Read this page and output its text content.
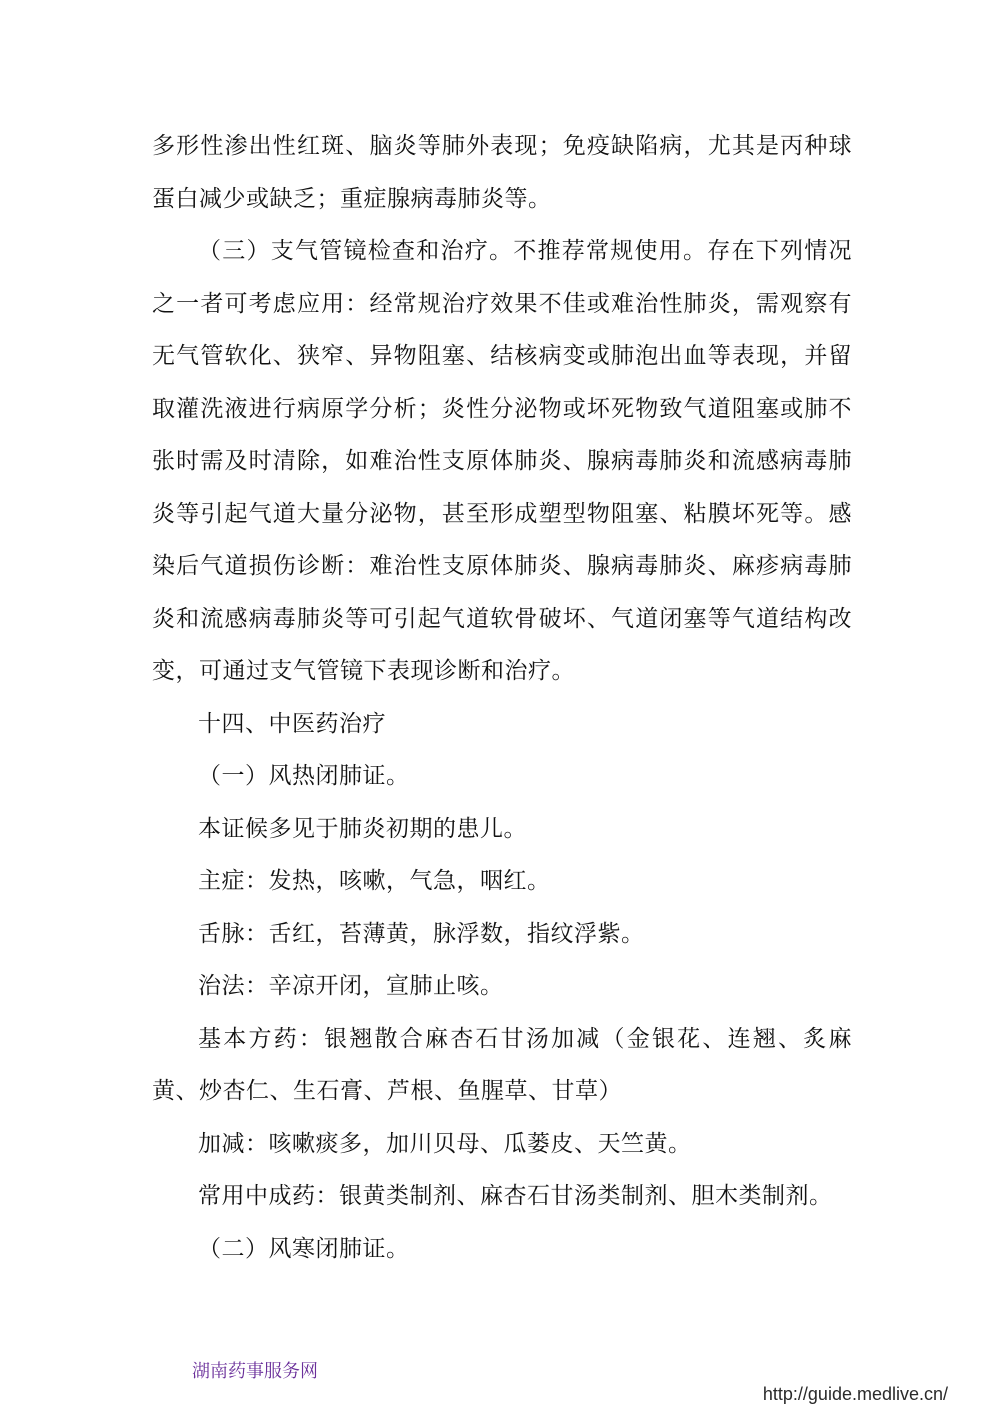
多形性渗出性红斑、脑炎等肺外表现；免疫缺陷病，尤其是丙种球蛋白减少或缺乏；重症腺病毒肺炎等。

（三）支气管镜检查和治疗。不推荐常规使用。存在下列情况之一者可考虑应用：经常规治疗效果不佳或难治性肺炎，需观察有无气管软化、狭窄、异物阻塞、结核病变或肺泡出血等表现，并留取灌洗液进行病原学分析；炎性分泌物或坏死物致气道阻塞或肺不张时需及时清除，如难治性支原体肺炎、腺病毒肺炎和流感病毒肺炎等引起气道大量分泌物，甚至形成塑型物阻塞、粘膜坏死等。感染后气道损伤诊断：难治性支原体肺炎、腺病毒肺炎、麻疹病毒肺炎和流感病毒肺炎等可引起气道软骨破坏、气道闭塞等气道结构改变，可通过支气管镜下表现诊断和治疗。

十四、中医药治疗

（一）风热闭肺证。

本证候多见于肺炎初期的患儿。

主症：发热，咳嗽，气急，咽红。

舌脉：舌红，苔薄黄，脉浮数，指纹浮紫。

治法：辛凉开闭，宣肺止咳。

基本方药：银翘散合麻杏石甘汤加减（金银花、连翘、炙麻黄、炒杏仁、生石膏、芦根、鱼腥草、甘草）

加减：咳嗽痰多，加川贝母、瓜蒌皮、天竺黄。

常用中成药：银黄类制剂、麻杏石甘汤类制剂、胆木类制剂。

（二）风寒闭肺证。

湖南药事服务网
http://guide.medlive.cn/
